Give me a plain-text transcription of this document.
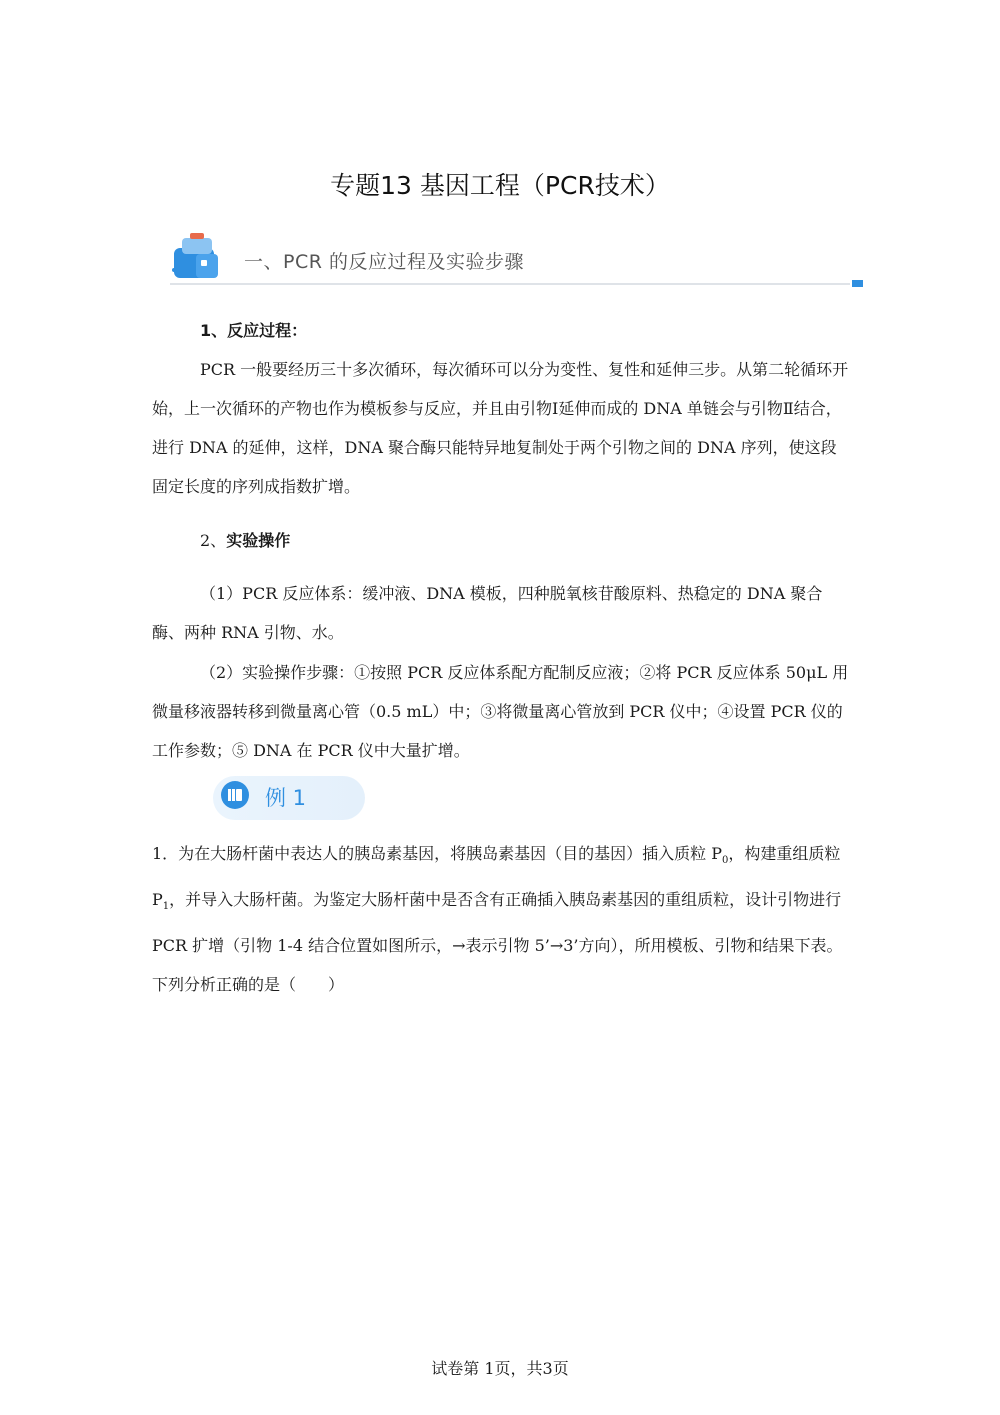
专题13 基因工程（PCR技术）
一、PCR 的反应过程及实验步骤
1、反应过程：
PCR 一般要经历三十多次循环，每次循环可以分为变性、复性和延伸三步。从第二轮循环开始，上一次循环的产物也作为模板参与反应，并且由引物Ⅰ延伸而成的 DNA 单链会与引物Ⅱ结合，进行 DNA 的延伸，这样，DNA 聚合酶只能特异地复制处于两个引物之间的 DNA 序列，使这段固定长度的序列成指数扩增。
2、实验操作
（1）PCR 反应体系：缓冲液、DNA 模板，四种脱氧核苷酸原料、热稳定的 DNA 聚合酶、两种 RNA 引物、水。
（2）实验操作步骤：①按照 PCR 反应体系配方配制反应液；②将 PCR 反应体系 50μL 用微量移液器转移到微量离心管（0.5 mL）中；③将微量离心管放到 PCR 仪中；④设置 PCR 仪的工作参数；⑤ DNA 在 PCR 仪中大量扩增。
例 1
1．为在大肠杆菌中表达人的胰岛素基因，将胰岛素基因（目的基因）插入质粒 $P_0$，构建重组质粒 $P_1$，并导入大肠杆菌。为鉴定大肠杆菌中是否含有正确插入胰岛素基因的重组质粒，设计引物进行 PCR 扩增（引物 1-4 结合位置如图所示，→表示引物 5’→3’方向），所用模板、引物和结果下表。下列分析正确的是（　　）
试卷第 1页，共3页
